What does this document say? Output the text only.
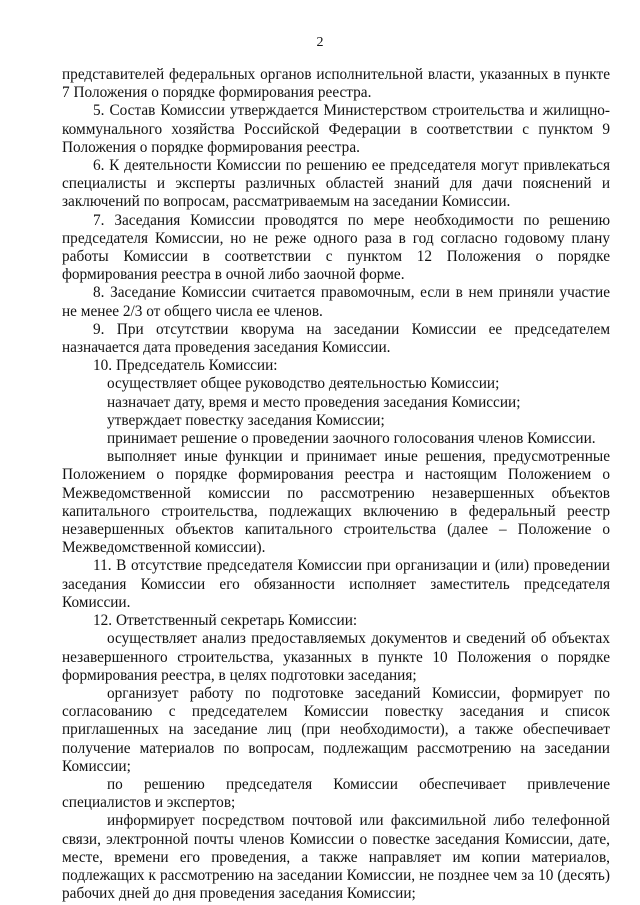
2

представителей федеральных органов исполнительной власти, указанных в пункте 7 Положения о порядке формирования реестра.

5. Состав Комиссии утверждается Министерством строительства и жилищно-коммунального хозяйства Российской Федерации в соответствии с пунктом 9 Положения о порядке формирования реестра.

6. К деятельности Комиссии по решению ее председателя могут привлекаться специалисты и эксперты различных областей знаний для дачи пояснений и заключений по вопросам, рассматриваемым на заседании Комиссии.

7. Заседания Комиссии проводятся по мере необходимости по решению председателя Комиссии, но не реже одного раза в год согласно годовому плану работы Комиссии в соответствии с пунктом 12 Положения о порядке формирования реестра в очной либо заочной форме.

8. Заседание Комиссии считается правомочным, если в нем приняли участие не менее 2/3 от общего числа ее членов.

9. При отсутствии кворума на заседании Комиссии ее председателем назначается дата проведения заседания Комиссии.

10. Председатель Комиссии:

осуществляет общее руководство деятельностью Комиссии;

назначает дату, время и место проведения заседания Комиссии;

утверждает повестку заседания Комиссии;

принимает решение о проведении заочного голосования членов Комиссии.

выполняет иные функции и принимает иные решения, предусмотренные Положением о порядке формирования реестра и настоящим Положением о Межведомственной комиссии по рассмотрению незавершенных объектов капитального строительства, подлежащих включению в федеральный реестр незавершенных объектов капитального строительства (далее – Положение о Межведомственной комиссии).

11. В отсутствие председателя Комиссии при организации и (или) проведении заседания Комиссии его обязанности исполняет заместитель председателя Комиссии.

12. Ответственный секретарь Комиссии:

осуществляет анализ предоставляемых документов и сведений об объектах незавершенного строительства, указанных в пункте 10 Положения о порядке формирования реестра, в целях подготовки заседания;

организует работу по подготовке заседаний Комиссии, формирует по согласованию с председателем Комиссии повестку заседания и список приглашенных на заседание лиц (при необходимости), а также обеспечивает получение материалов по вопросам, подлежащим рассмотрению на заседании Комиссии;

по решению председателя Комиссии обеспечивает привлечение специалистов и экспертов;

информирует посредством почтовой или факсимильной либо телефонной связи, электронной почты членов Комиссии о повестке заседания Комиссии, дате, месте, времени его проведения, а также направляет им копии материалов, подлежащих к рассмотрению на заседании Комиссии, не позднее чем за 10 (десять) рабочих дней до дня проведения заседания Комиссии;
